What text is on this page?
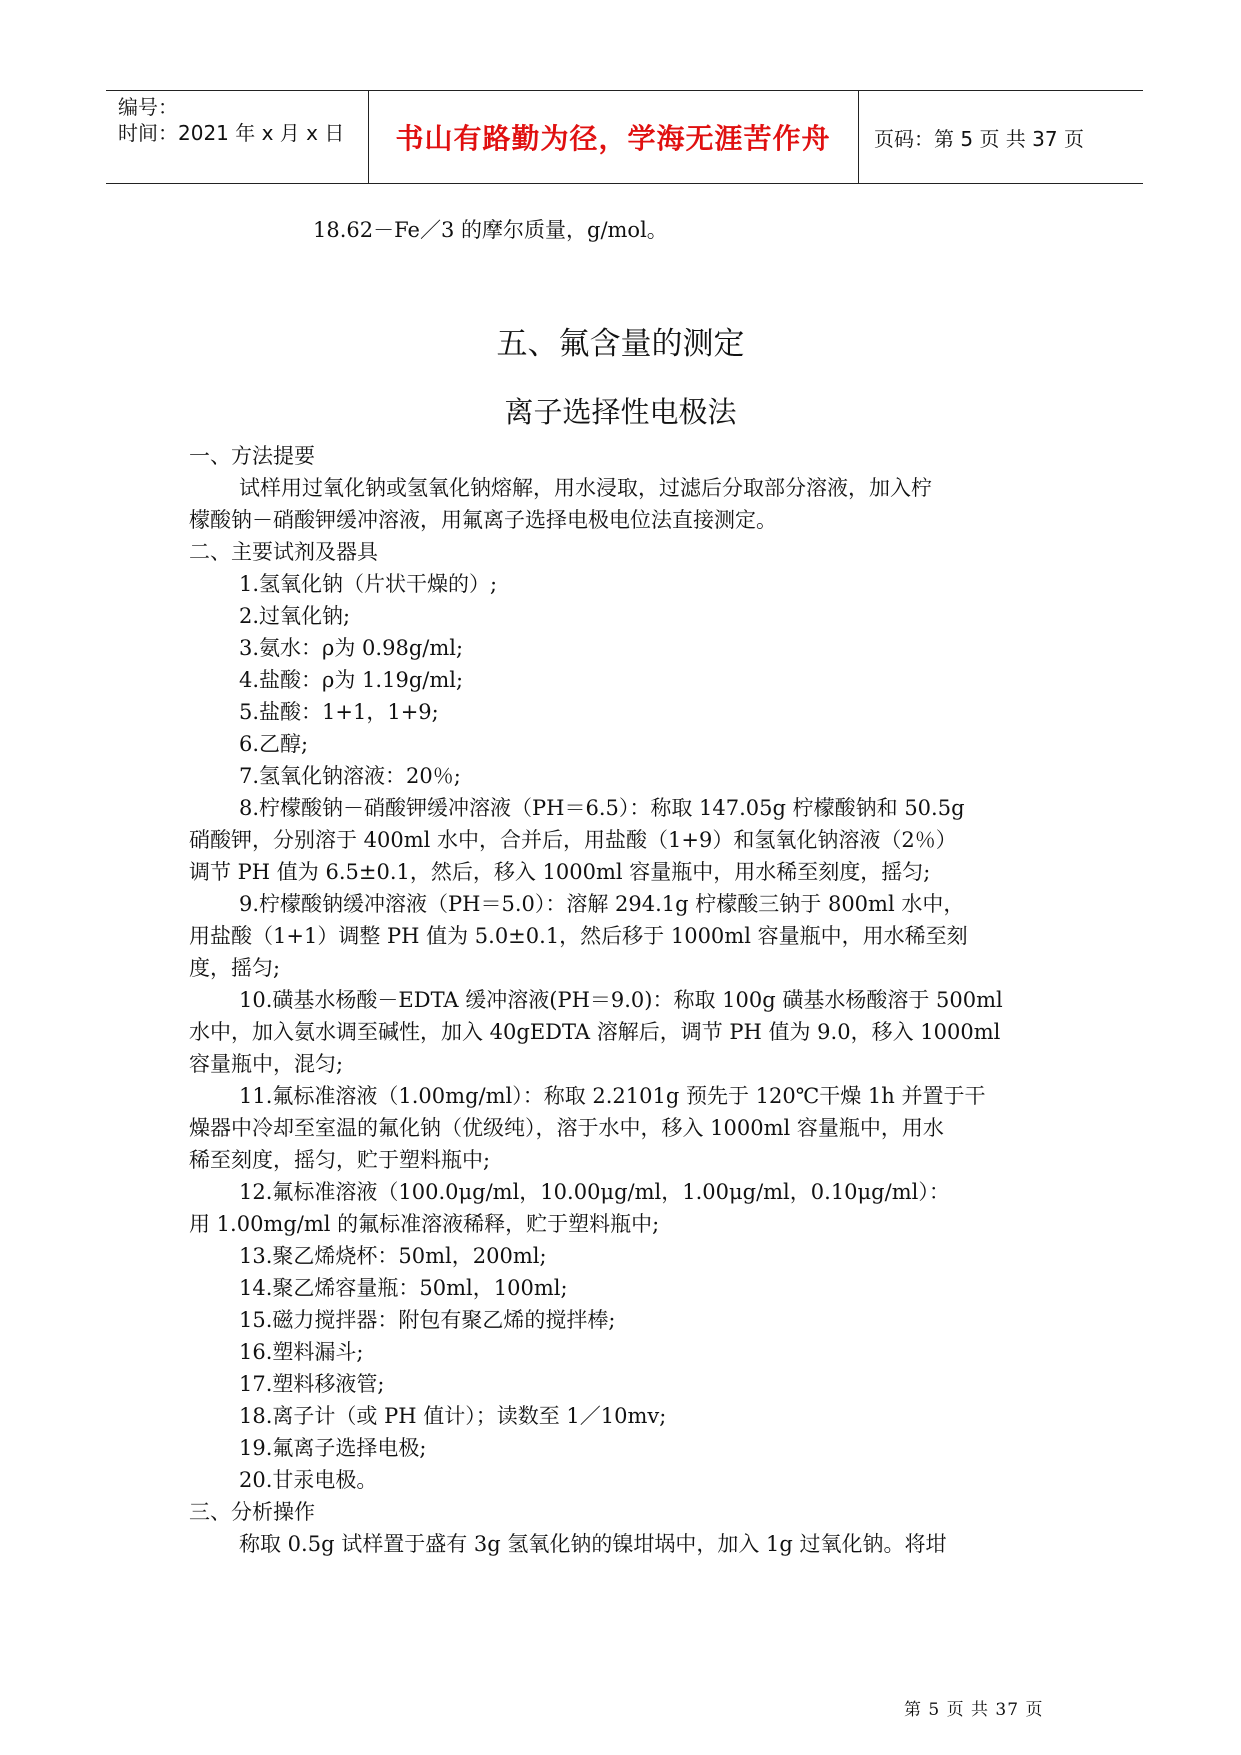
编号：
时间：2021 年 x 月 x 日	书山有路勤为径，学海无涯苦作舟	页码：第 5 页 共 37 页
18.62－Fe／3 的摩尔质量，g/mol。
五、氟含量的测定
离子选择性电极法

一、方法提要

试样用过氧化钠或氢氧化钠熔解，用水浸取，过滤后分取部分溶液，加入柠

檬酸钠－硝酸钾缓冲溶液，用氟离子选择电极电位法直接测定。

二、主要试剂及器具

1.氢氧化钠（片状干燥的）;

2.过氧化钠;

3.氨水：ρ为 0.98g/ml;

4.盐酸：ρ为 1.19g/ml;

5.盐酸：1+1，1+9;

6.乙醇;

7.氢氧化钠溶液：20％;

8.柠檬酸钠－硝酸钾缓冲溶液（PH＝6.5）：称取 147.05g 柠檬酸钠和 50.5g

硝酸钾，分别溶于 400ml 水中，合并后，用盐酸（1+9）和氢氧化钠溶液（2％）

调节 PH 值为 6.5±0.1，然后，移入 1000ml 容量瓶中，用水稀至刻度，摇匀;

9.柠檬酸钠缓冲溶液（PH＝5.0）：溶解 294.1g 柠檬酸三钠于 800ml 水中，

用盐酸（1+1）调整 PH 值为 5.0±0.1，然后移于 1000ml 容量瓶中，用水稀至刻

度，摇匀;

10.磺基水杨酸－EDTA 缓冲溶液(PH＝9.0)：称取 100g 磺基水杨酸溶于 500ml

水中，加入氨水调至碱性，加入 40gEDTA 溶解后，调节 PH 值为 9.0，移入 1000ml

容量瓶中，混匀;

11.氟标准溶液（1.00mg/ml）：称取 2.2101g 预先于 120℃干燥 1h 并置于干

燥器中冷却至室温的氟化钠（优级纯），溶于水中，移入 1000ml 容量瓶中，用水

稀至刻度，摇匀，贮于塑料瓶中;

12.氟标准溶液（100.0μg/ml，10.00μg/ml，1.00μg/ml，0.10μg/ml）：

用 1.00mg/ml 的氟标准溶液稀释，贮于塑料瓶中;

13.聚乙烯烧杯：50ml，200ml;

14.聚乙烯容量瓶：50ml，100ml;

15.磁力搅拌器：附包有聚乙烯的搅拌棒;

16.塑料漏斗;

17.塑料移液管;

18.离子计（或 PH 值计）；读数至 1／10mv;

19.氟离子选择电极;

20.甘汞电极。

三、分析操作

称取 0.5g 试样置于盛有 3g 氢氧化钠的镍坩埚中，加入 1g 过氧化钠。将坩

第 5 页 共 37 页
